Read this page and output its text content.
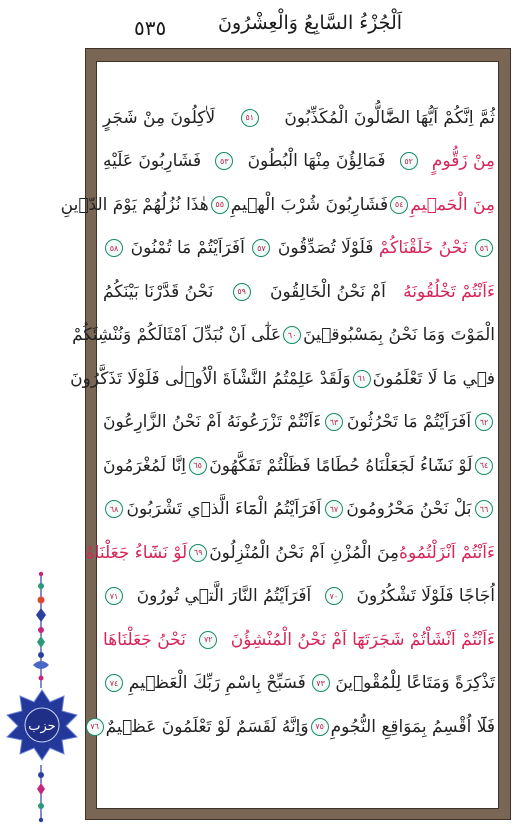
٥٣٥	اَلْجُزْءُ السَّابِعُ وَالْعِشْرُونَ
حزب
ثُمَّ اِنَّكُمْ اَيُّهَا الضَّٓالُّونَ الْمُكَذِّبُونَ
٥١
لَاٰكِلُونَ مِنْ شَجَرٍ
مِنْ زَقُّومٍ
٥٢
فَمَالِؤُنَ مِنْهَا الْبُطُونَ
٥٣
فَشَارِبُونَ عَلَيْهِ
مِنَ الْحَم۪يمِ
٥٤
فَشَارِبُونَ شُرْبَ الْه۪يمِ
٥٥
هٰذَا نُزُلُهُمْ يَوْمَ الدّ۪ينِ
٥٦
نَحْنُ خَلَقْنَاكُمْ
فَلَوْلَا تُصَدِّقُونَ
٥٧
اَفَرَاَيْتُمْ مَا تُمْنُونَ
٥٨
ءَاَنْتُمْ تَخْلُقُونَهُ
اَمْ نَحْنُ الْخَالِقُونَ
٥٩
نَحْنُ قَدَّرْنَا بَيْنَكُمُ
الْمَوْتَ وَمَا نَحْنُ بِمَسْبُوق۪ينَ
٦٠
عَلٰٓى اَنْ نُبَدِّلَ اَمْثَالَكُمْ وَنُنْشِئَكُمْ
ف۪ي مَا لَا تَعْلَمُونَ
٦١
وَلَقَدْ عَلِمْتُمُ النَّشْاَةَ الْاُو۫لٰى فَلَوْلَا تَذَكَّرُونَ
٦٢
اَفَرَاَيْتُمْ مَا تَحْرُثُونَ
٦٣
ءَاَنْتُمْ تَزْرَعُونَهُ اَمْ نَحْنُ الزَّارِعُونَ
٦٤
لَوْ نَشَٓاءُ لَجَعَلْنَاهُ حُطَامًا فَظَلْتُمْ تَفَكَّهُونَ
٦٥
اِنَّا لَمُغْرَمُونَ
٦٦
بَلْ نَحْنُ مَحْرُومُونَ
٦٧
اَفَرَاَيْتُمُ الْمَٓاءَ الَّذ۪ي تَشْرَبُونَ
٦٨
ءَاَنْتُمْ اَنْزَلْتُمُوهُ
مِنَ الْمُزْنِ اَمْ نَحْنُ الْمُنْزِلُونَ
٦٩
لَوْ نَشَٓاءُ جَعَلْنَاهُ
اُجَاجًا فَلَوْلَا تَشْكُرُونَ
٧٠
اَفَرَاَيْتُمُ النَّارَ الَّت۪ي تُورُونَ
٧١
ءَاَنْتُمْ اَنْشَاْتُمْ شَجَرَتَهَٓا اَمْ نَحْنُ الْمُنْشِؤُنَ
٧٢
نَحْنُ جَعَلْنَاهَا
تَذْكِرَةً وَمَتَاعًا لِلْمُقْو۪ينَ
٧٣
فَسَبِّحْ بِاسْمِ رَبِّكَ الْعَظ۪يمِ
٧٤
فَلَٓا اُقْسِمُ بِمَوَاقِعِ النُّجُومِ
٧٥
وَاِنَّهُ لَقَسَمٌ لَوْ تَعْلَمُونَ عَظ۪يمٌ
٧٦
